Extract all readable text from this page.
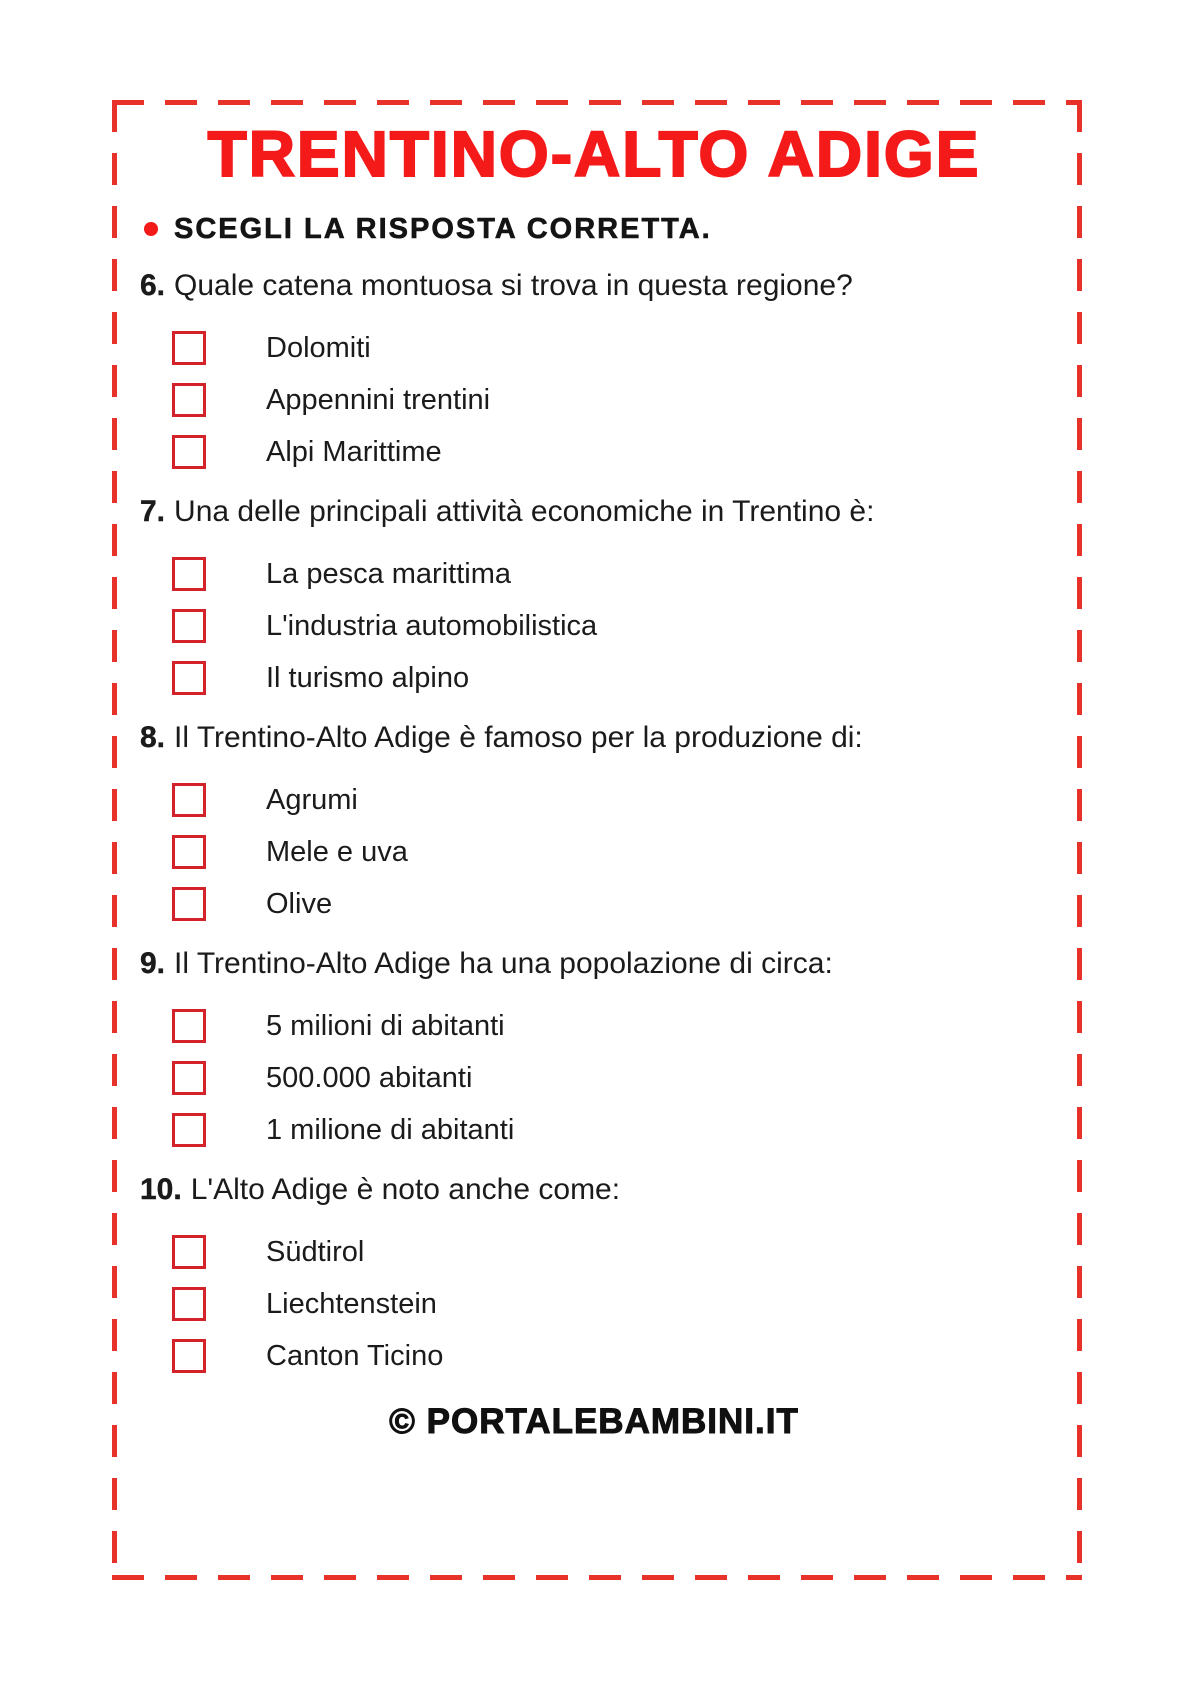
TRENTINO-ALTO ADIGE
SCEGLI LA RISPOSTA CORRETTA.
6. Quale catena montuosa si trova in questa regione?
Dolomiti
Appennini trentini
Alpi Marittime
7. Una delle principali attività economiche in Trentino è:
La pesca marittima
L'industria automobilistica
Il turismo alpino
8. Il Trentino-Alto Adige è famoso per la produzione di:
Agrumi
Mele e uva
Olive
9. Il Trentino-Alto Adige ha una popolazione di circa:
5 milioni di abitanti
500.000 abitanti
1 milione di abitanti
10. L'Alto Adige è noto anche come:
Südtirol
Liechtenstein
Canton Ticino
© PORTALEBAMBINI.IT
